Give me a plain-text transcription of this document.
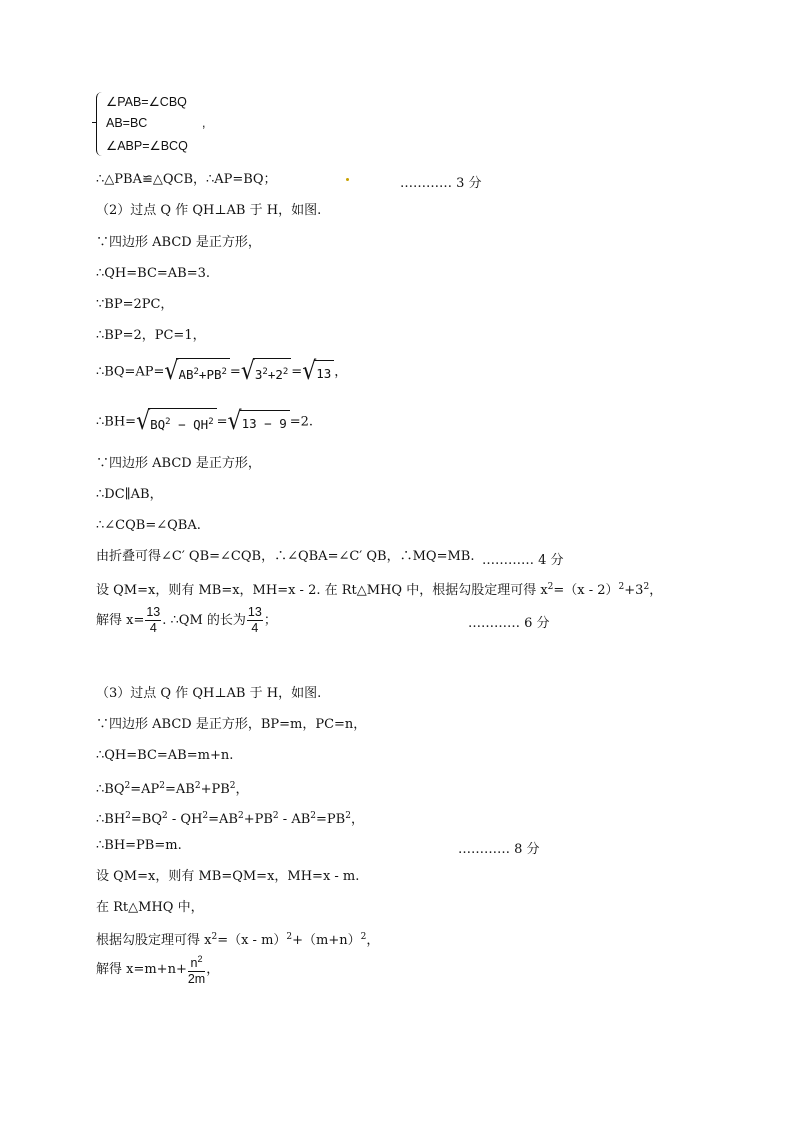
∠PAB=∠CBQ
AB=BC
∠ABP=∠BCQ
,
∴△PBA≌△QCB，∴AP=BQ；	………… 3 分
（2）过点 Q 作 QH⊥AB 于 H，如图.
∵四边形 ABCD 是正方形，
∴QH=BC=AB=3.
∵BP=2PC，
∴BP=2，PC=1，
$\therefore BQ=AP=√AB^2+PB^2 =√3^2+2^2 =√13$ ，
$\therefore BH=√BQ^2 - QH^2 =√13 - 9 =2$.
∵四边形 ABCD 是正方形，
∴DC∥AB，
∴∠CQB=∠QBA.
由折叠可得∠C′ QB=∠CQB，∴∠QBA=∠C′ QB，∴MQ=MB. ………… 4 分
设 QM=x，则有 MB=x，MH=x - 2. 在 Rt△MHQ 中，根据勾股定理可得 $x^2=(x - 2)^2+3^2$，
解得 $x= \frac{13}{4}$ . ∴QM 的长为 $\frac{13}{4}$ ；	………… 6 分
（3）过点 Q 作 QH⊥AB 于 H，如图.
∵四边形 ABCD 是正方形，BP=m，PC=n，
∴QH=BC=AB=m+n.
$\therefore BQ^2=AP^2=AB^2+PB^2$，
$\therefore BH^2=BQ^2 - QH^2=AB^2+PB^2 - AB^2=PB^2$，
∴BH=PB=m.	………… 8 分
设 QM=x，则有 MB=QM=x，MH=x - m.
在 Rt△MHQ 中，
根据勾股定理可得 $x^2=(x - m)^2+(m+n)^2$，
解得 $x=m+n+ \frac{n^2}{2m}$ ，
